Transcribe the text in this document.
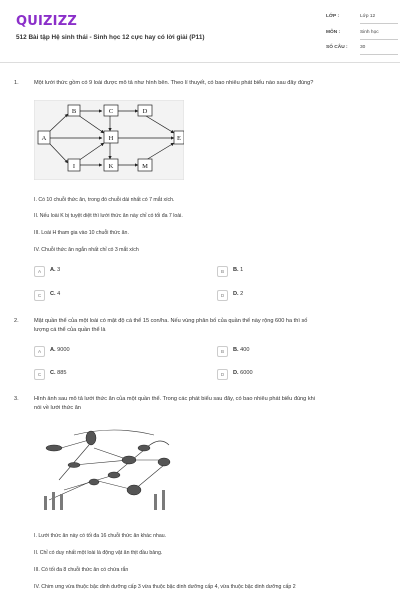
QUIZIZZ
512 Bài tập Hệ sinh thái - Sinh học 12 cực hay có lời giải (P11)
LỚP :	Lớp 12
MÔN :	Sinh học
SỐ CÂU :	30
1.	Một lưới thức gồm có 9 loài được mô tả như hình bên. Theo lí thuyết, có bao nhiêu phát biểu nào sau đây đúng?
A
B	C	D
E
H
I	K	M
I. Có 10 chuỗi thức ăn, trong đó chuỗi dài nhất có 7 mắt xích.
II. Nếu loài K bị tuyệt diệt thì lưới thức ăn này chỉ có tối đa 7 loài.
III. Loài H tham gia vào 10 chuỗi thức ăn.
IV. Chuỗi thức ăn ngắn nhất chỉ có 3 mắt xích
A	A. 3	B	B. 1
C	C. 4	D	D. 2
2.	Mật quần thể của một loài có mật độ cá thể 15 con/ha. Nếu vùng phân bố của quần thể này rộng 600 ha thì số
lượng cá thể của quần thể là
A	A. 9000	B	B. 400
C	C. 885	D	D. 6000
3.	Hình ảnh sau mô tả lưới thức ăn của một quần thể. Trong các phát biểu sau đây, có bao nhiêu phát biểu đúng khi
nói về lưới thức ăn
I. Lưới thức ăn này có tối đa 16 chuỗi thức ăn khác nhau.
II. Chỉ có duy nhất một loài là động vật ăn thịt đầu bảng.
III. Có tối đa 8 chuỗi thức ăn có chứa rắn
IV. Chim ưng vừa thuộc bậc dinh dưỡng cấp 3 vừa thuộc bậc dinh dưỡng cấp 4, vừa thuộc bậc dinh dưỡng cấp 2
